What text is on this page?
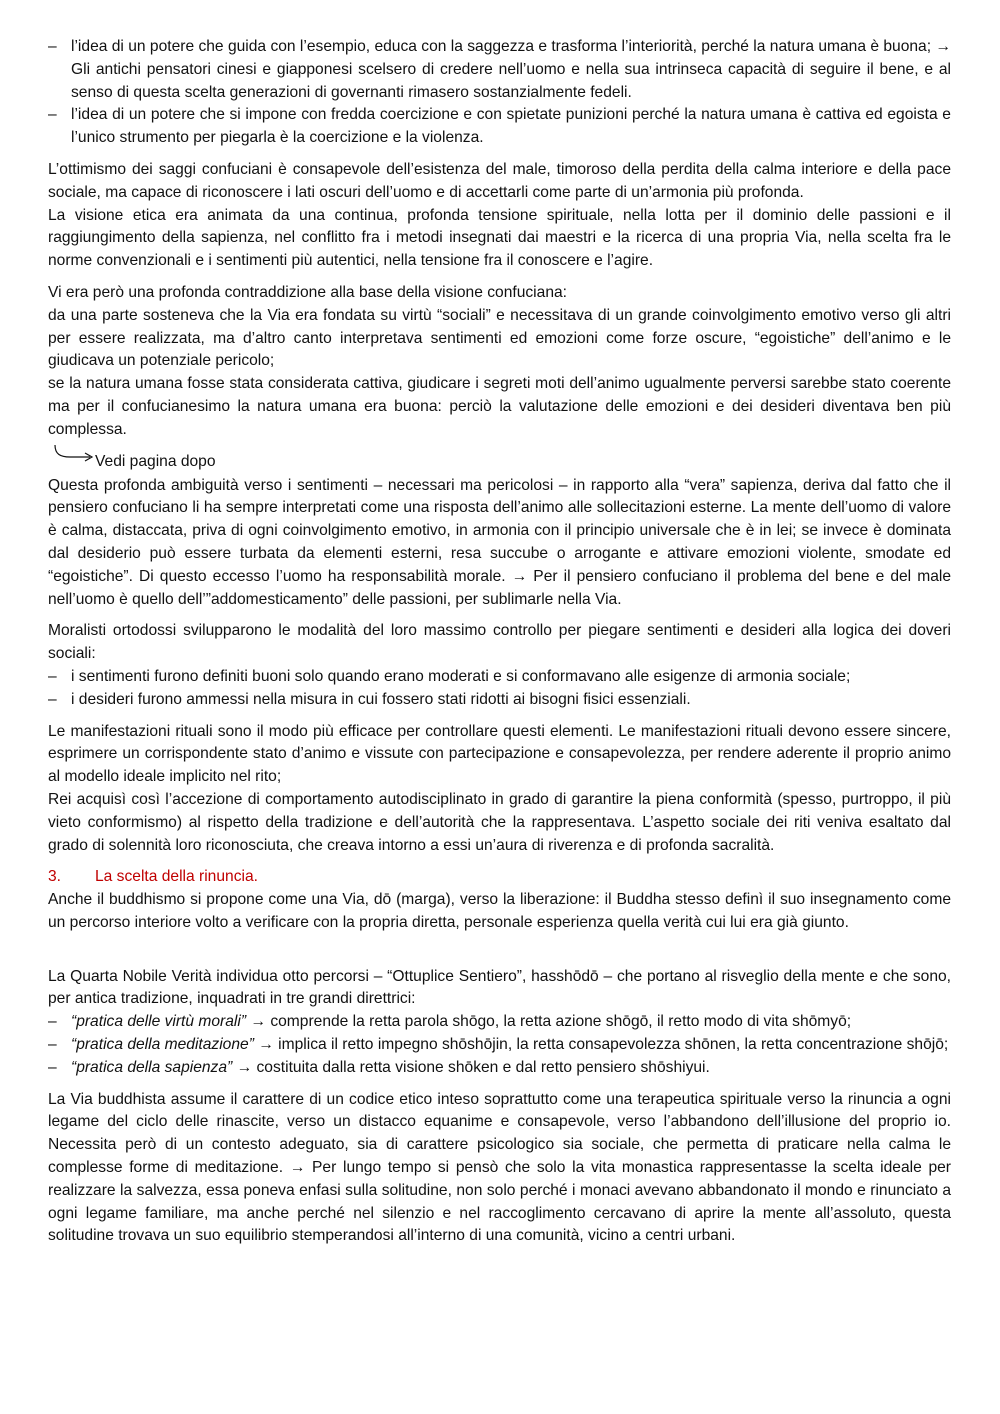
– l’idea di un potere che guida con l’esempio, educa con la saggezza e trasforma l’interiorità, perché la natura umana è buona; → Gli antichi pensatori cinesi e giapponesi scelsero di credere nell’uomo e nella sua intrinseca capacità di seguire il bene, e al senso di questa scelta generazioni di governanti rimasero sostanzialmente fedeli.
– l’idea di un potere che si impone con fredda coercizione e con spietate punizioni perché la natura umana è cattiva ed egoista e l’unico strumento per piegarla è la coercizione e la violenza.

L’ottimismo dei saggi confuciani è consapevole dell’esistenza del male, timoroso della perdita della calma interiore e della pace sociale, ma capace di riconoscere i lati oscuri dell’uomo e di accettarli come parte di un’armonia più profonda.

La visione etica era animata da una continua, profonda tensione spirituale, nella lotta per il dominio delle passioni e il raggiungimento della sapienza, nel conflitto fra i metodi insegnati dai maestri e la ricerca di una propria Via, nella scelta fra le norme convenzionali e i sentimenti più autentici, nella tensione fra il conoscere e l’agire.

Vi era però una profonda contraddizione alla base della visione confuciana:

da una parte sosteneva che la Via era fondata su virtù “sociali” e necessitava di un grande coinvolgimento emotivo verso gli altri per essere realizzata, ma d’altro canto interpretava sentimenti ed emozioni come forze oscure, “egoistiche” dell’animo e le giudicava un potenziale pericolo;

se la natura umana fosse stata considerata cattiva, giudicare i segreti moti dell’animo ugualmente perversi sarebbe stato coerente ma per il confucianesimo la natura umana era buona: perciò la valutazione delle emozioni e dei desideri diventava ben più complessa.

Vedi pagina dopo

Questa profonda ambiguità verso i sentimenti – necessari ma pericolosi – in rapporto alla “vera” sapienza, deriva dal fatto che il pensiero confuciano li ha sempre interpretati come una risposta dell’animo alle sollecitazioni esterne. La mente dell’uomo di valore è calma, distaccata, priva di ogni coinvolgimento emotivo, in armonia con il principio universale che è in lei; se invece è dominata dal desiderio può essere turbata da elementi esterni, resa succube o arrogante e attivare emozioni violente, smodate ed “egoistiche”. Di questo eccesso l’uomo ha responsabilità morale. → Per il pensiero confuciano il problema del bene e del male nell’uomo è quello dell’”addomesticamento” delle passioni, per sublimarle nella Via.

Moralisti ortodossi svilupparono le modalità del loro massimo controllo per piegare sentimenti e desideri alla logica dei doveri sociali:

– i sentimenti furono definiti buoni solo quando erano moderati e si conformavano alle esigenze di armonia sociale;
– i desideri furono ammessi nella misura in cui fossero stati ridotti ai bisogni fisici essenziali.

Le manifestazioni rituali sono il modo più efficace per controllare questi elementi. Le manifestazioni rituali devono essere sincere, esprimere un corrispondente stato d’animo e vissute con partecipazione e consapevolezza, per rendere aderente il proprio animo al modello ideale implicito nel rito;

Rei acquisì così l’accezione di comportamento autodisciplinato in grado di garantire la piena conformità (spesso, purtroppo, il più vieto conformismo) al rispetto della tradizione e dell’autorità che la rappresentava. L’aspetto sociale dei riti veniva esaltato dal grado di solennità loro riconosciuta, che creava intorno a essi un’aura di riverenza e di profonda sacralità.

3.	La scelta della rinuncia.

Anche il buddhismo si propone come una Via, dō (marga), verso la liberazione: il Buddha stesso definì il suo insegnamento come un percorso interiore volto a verificare con la propria diretta, personale esperienza quella verità cui lui era già giunto.

La Quarta Nobile Verità individua otto percorsi – “Ottuplice Sentiero”, hasshōdō – che portano al risveglio della mente e che sono, per antica tradizione, inquadrati in tre grandi direttrici:

– “pratica delle virtù morali” → comprende la retta parola shōgo, la retta azione shōgō, il retto modo di vita shōmyō;
– “pratica della meditazione” → implica il retto impegno shōshōjin, la retta consapevolezza shōnen, la retta concentrazione shōjō;
– “pratica della sapienza” → costituita dalla retta visione shōken e dal retto pensiero shōshiyui.

La Via buddhista assume il carattere di un codice etico inteso soprattutto come una terapeutica spirituale verso la rinuncia a ogni legame del ciclo delle rinascite, verso un distacco equanime e consapevole, verso l’abbandono dell’illusione del proprio io. Necessita però di un contesto adeguato, sia di carattere psicologico sia sociale, che permetta di praticare nella calma le complesse forme di meditazione. → Per lungo tempo si pensò che solo la vita monastica rappresentasse la scelta ideale per realizzare la salvezza, essa poneva enfasi sulla solitudine, non solo perché i monaci avevano abbandonato il mondo e rinunciato a ogni legame familiare, ma anche perché nel silenzio e nel raccoglimento cercavano di aprire la mente all’assoluto, questa solitudine trovava un suo equilibrio stemperandosi all’interno di una comunità, vicino a centri urbani.
